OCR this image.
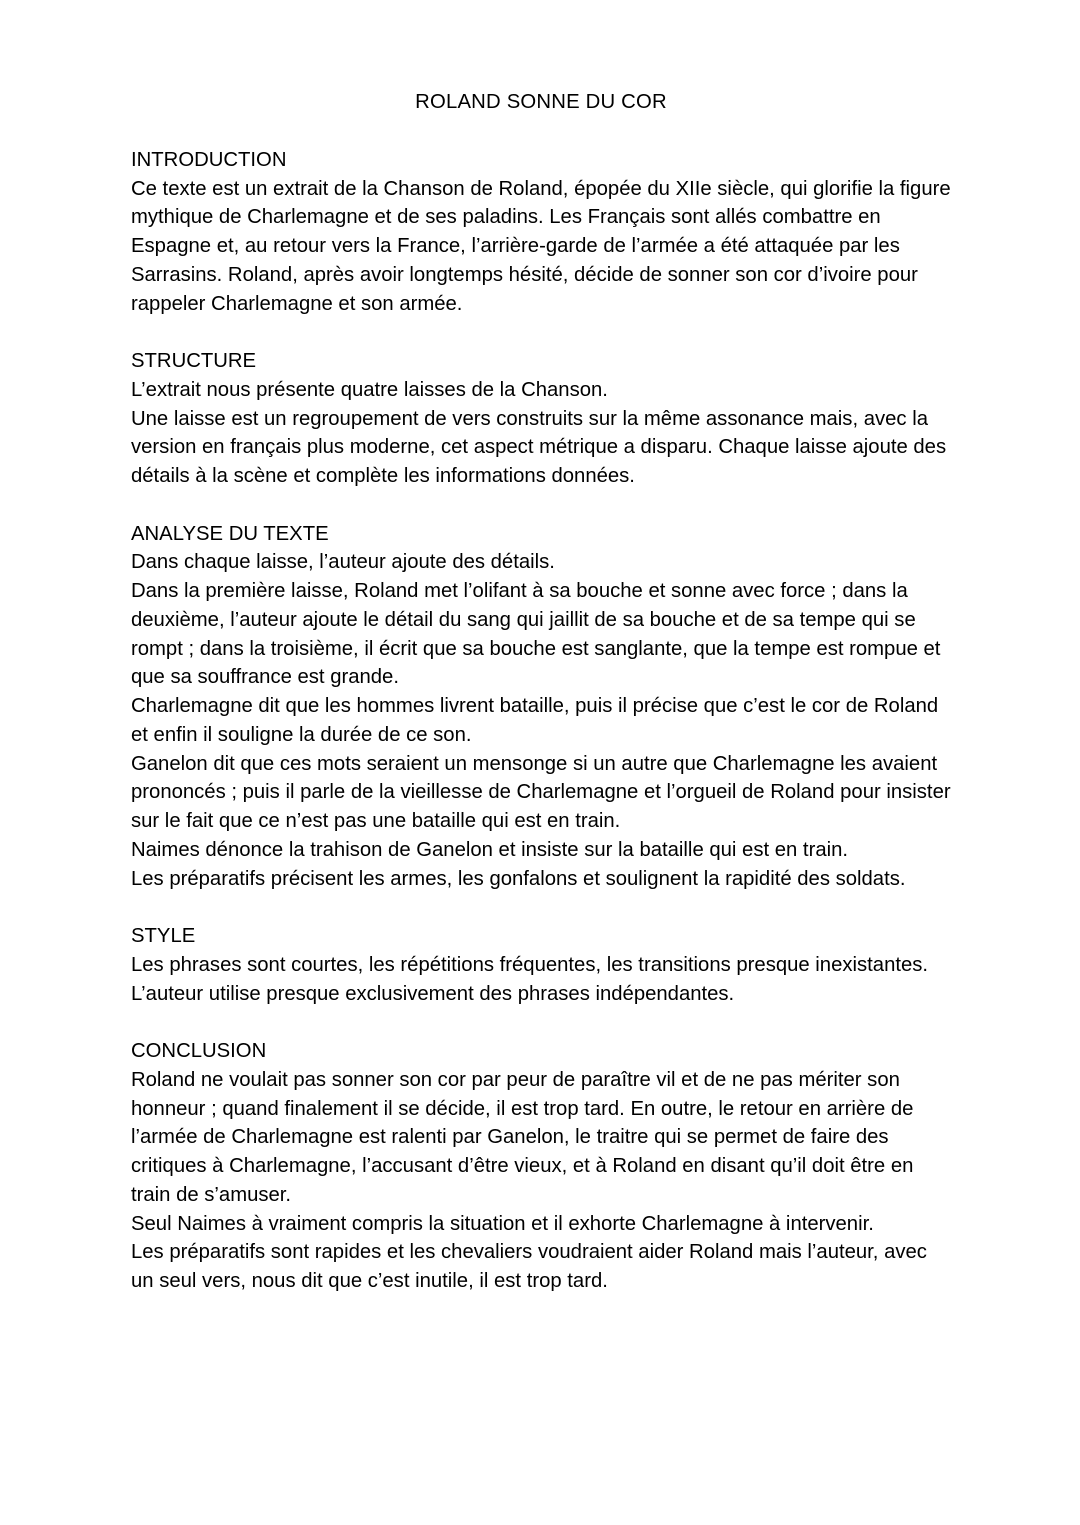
ROLAND SONNE DU COR
INTRODUCTION

Ce texte est un extrait de la Chanson de Roland, épopée du XIIe siècle, qui glorifie la figure mythique de Charlemagne et de ses paladins. Les Français sont allés combattre en Espagne et, au retour vers la France, l’arrière-garde de l’armée a été attaquée par les Sarrasins. Roland, après avoir longtemps hésité, décide de sonner son cor d’ivoire pour rappeler Charlemagne et son armée.

STRUCTURE

L’extrait nous présente quatre laisses de la Chanson.

Une laisse est un regroupement de vers construits sur la même assonance mais, avec la version en français plus moderne, cet aspect métrique a disparu. Chaque laisse ajoute des détails à la scène et complète les informations données.

ANALYSE DU TEXTE

Dans chaque laisse, l’auteur ajoute des détails.

Dans la première laisse, Roland met l’olifant à sa bouche et sonne avec force ; dans la deuxième, l’auteur ajoute le détail du sang qui jaillit de sa bouche et de sa tempe qui se rompt ; dans la troisième, il écrit que sa bouche est sanglante, que la tempe est rompue et que sa souffrance est grande.

Charlemagne dit que les hommes livrent bataille, puis il précise que c’est le cor de Roland et enfin il souligne la durée de ce son.

Ganelon dit que ces mots seraient un mensonge si un autre que Charlemagne les avaient prononcés ; puis il parle de la vieillesse de Charlemagne et l’orgueil de Roland pour insister sur le fait que ce n’est pas une bataille qui est en train.

Naimes dénonce la trahison de Ganelon et insiste sur la bataille qui est en train.

Les préparatifs précisent les armes, les gonfalons et soulignent la rapidité des soldats.

STYLE

Les phrases sont courtes, les répétitions fréquentes, les transitions presque inexistantes. L’auteur utilise presque exclusivement des phrases indépendantes.

CONCLUSION

Roland ne voulait pas sonner son cor par peur de paraître vil et de ne pas mériter son honneur ; quand finalement il se décide, il est trop tard. En outre, le retour en arrière de l’armée de Charlemagne est ralenti par Ganelon, le traitre qui se permet de faire des critiques à Charlemagne, l’accusant d’être vieux, et à Roland en disant qu’il doit être en train de s’amuser.

Seul Naimes à vraiment compris la situation et il exhorte Charlemagne à intervenir.

Les préparatifs sont rapides et les chevaliers voudraient aider Roland mais l’auteur, avec un seul vers, nous dit que c’est inutile, il est trop tard.
